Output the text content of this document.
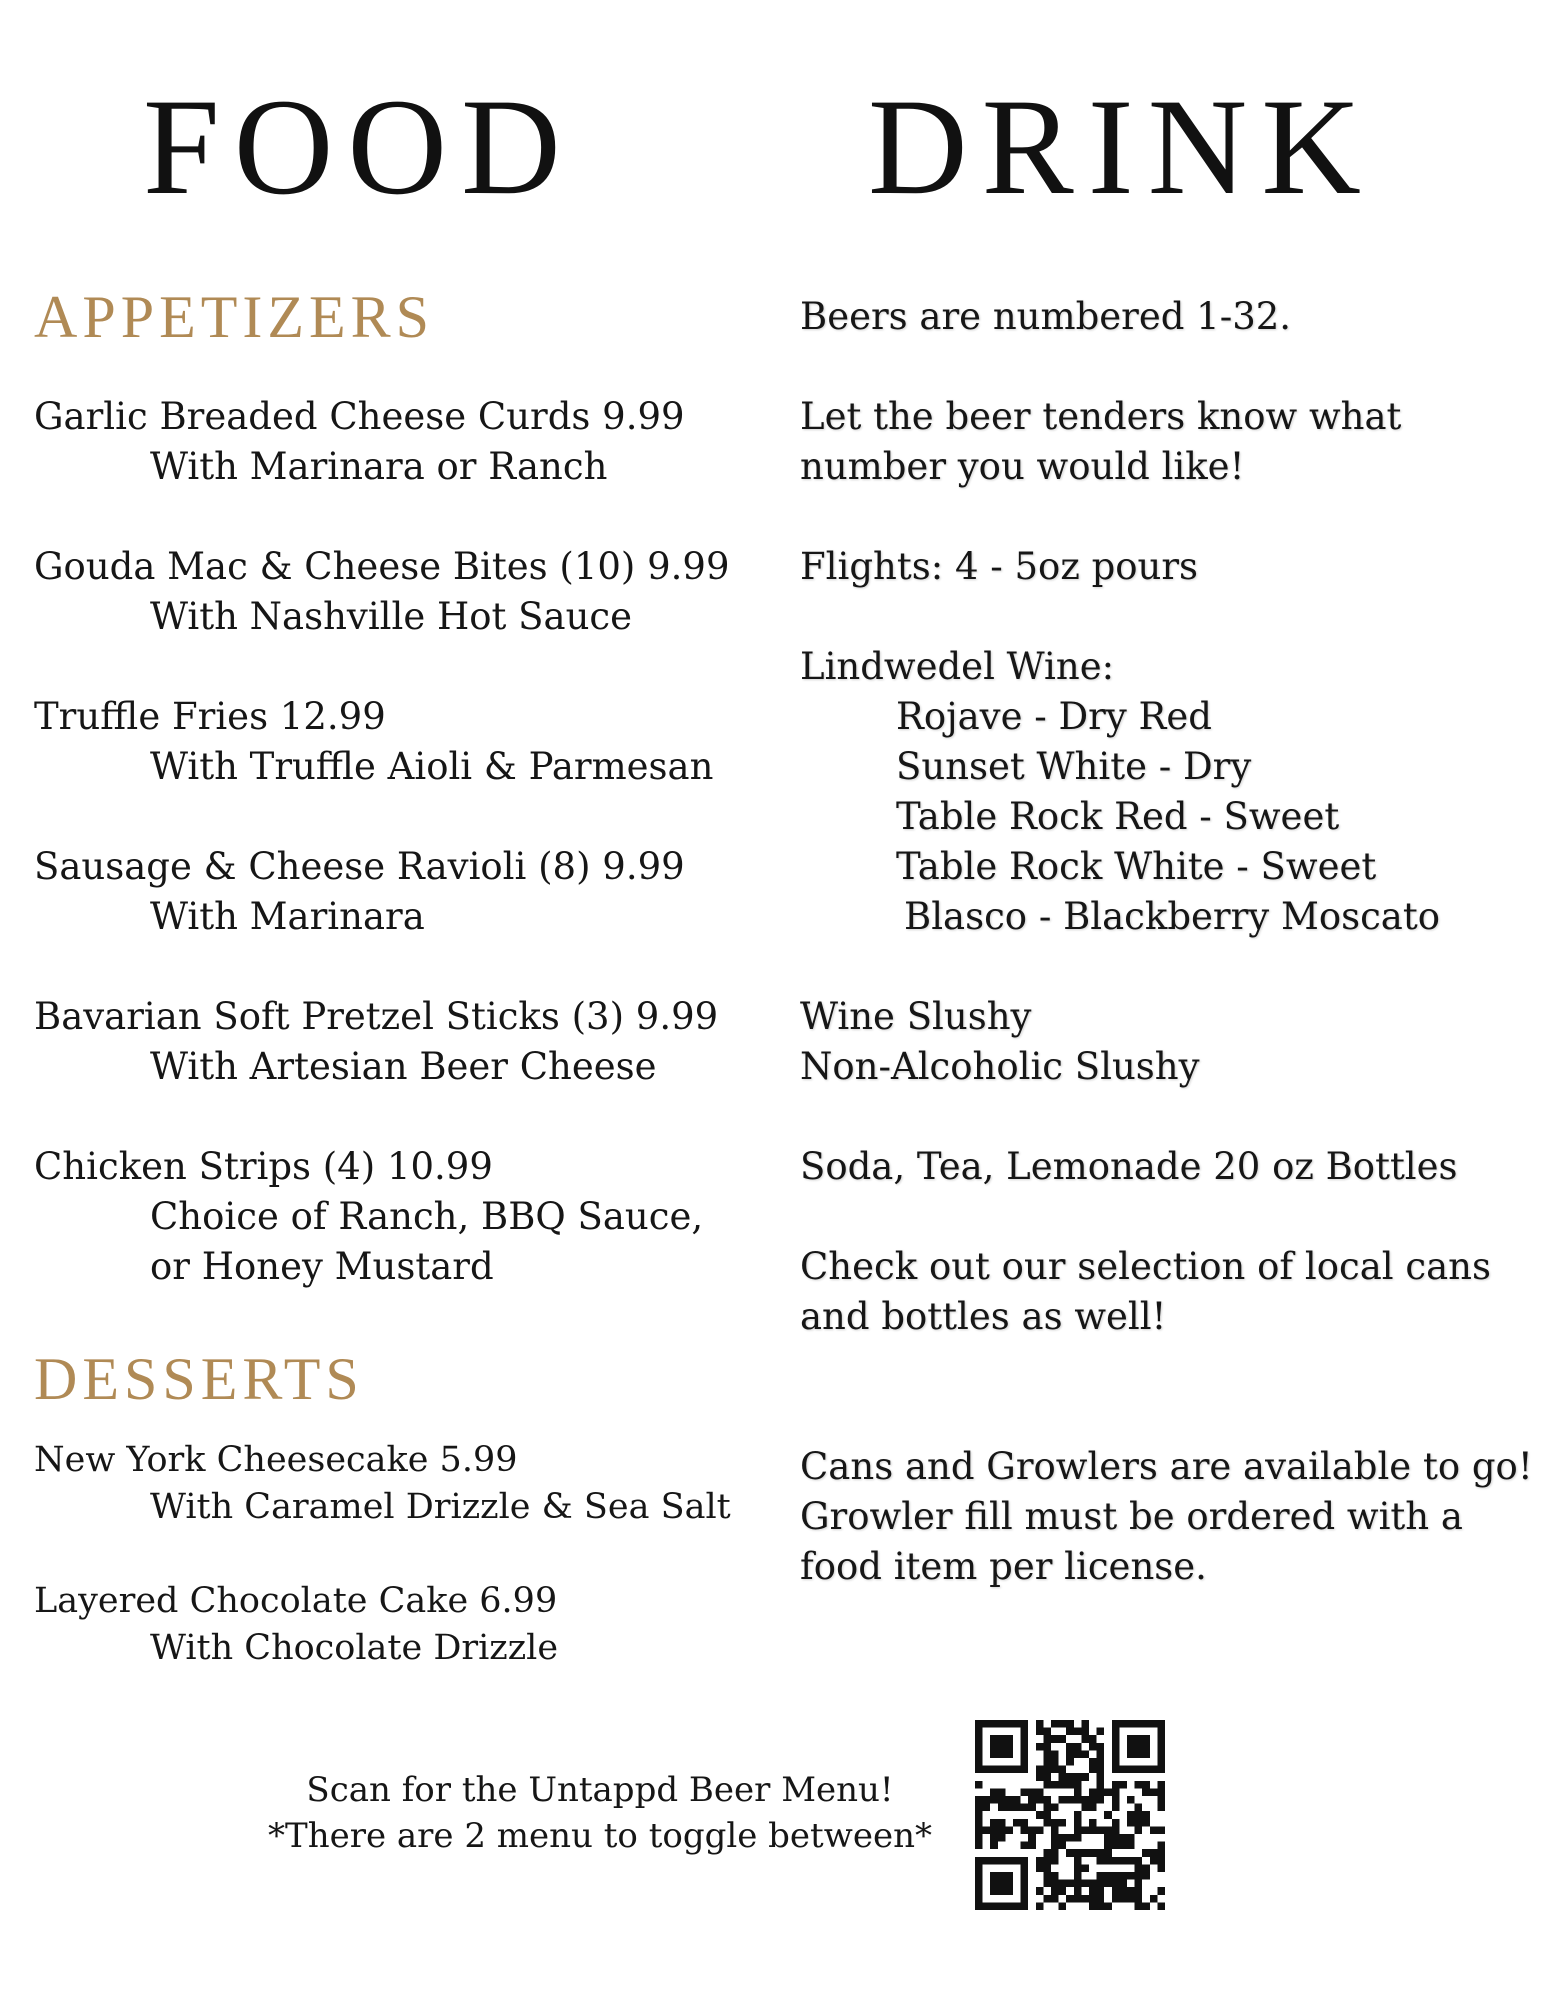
FOOD DRINK
APPETIZERS
Garlic Breaded Cheese Curds 9.99
With Marinara or Ranch
Gouda Mac & Cheese Bites (10) 9.99
With Nashville Hot Sauce
Truffle Fries 12.99
With Truffle Aioli & Parmesan
Sausage & Cheese Ravioli (8) 9.99
With Marinara
Bavarian Soft Pretzel Sticks (3) 9.99
With Artesian Beer Cheese
Chicken Strips (4) 10.99
Choice of Ranch, BBQ Sauce, or Honey Mustard
DESSERTS
New York Cheesecake 5.99
With Caramel Drizzle & Sea Salt
Layered Chocolate Cake 6.99
With Chocolate Drizzle
Beers are numbered 1-32.
Let the beer tenders know what number you would like!
Flights: 4 - 5oz pours
Lindwedel Wine:
Rojave - Dry Red
Sunset White - Dry
Table Rock Red - Sweet
Table Rock White - Sweet
Blasco - Blackberry Moscato
Wine Slushy
Non-Alcoholic Slushy
Soda, Tea, Lemonade 20 oz Bottles
Check out our selection of local cans and bottles as well!
Cans and Growlers are available to go!
Growler fill must be ordered with a food item per license.
Scan for the Untappd Beer Menu!
*There are 2 menu to toggle between*
